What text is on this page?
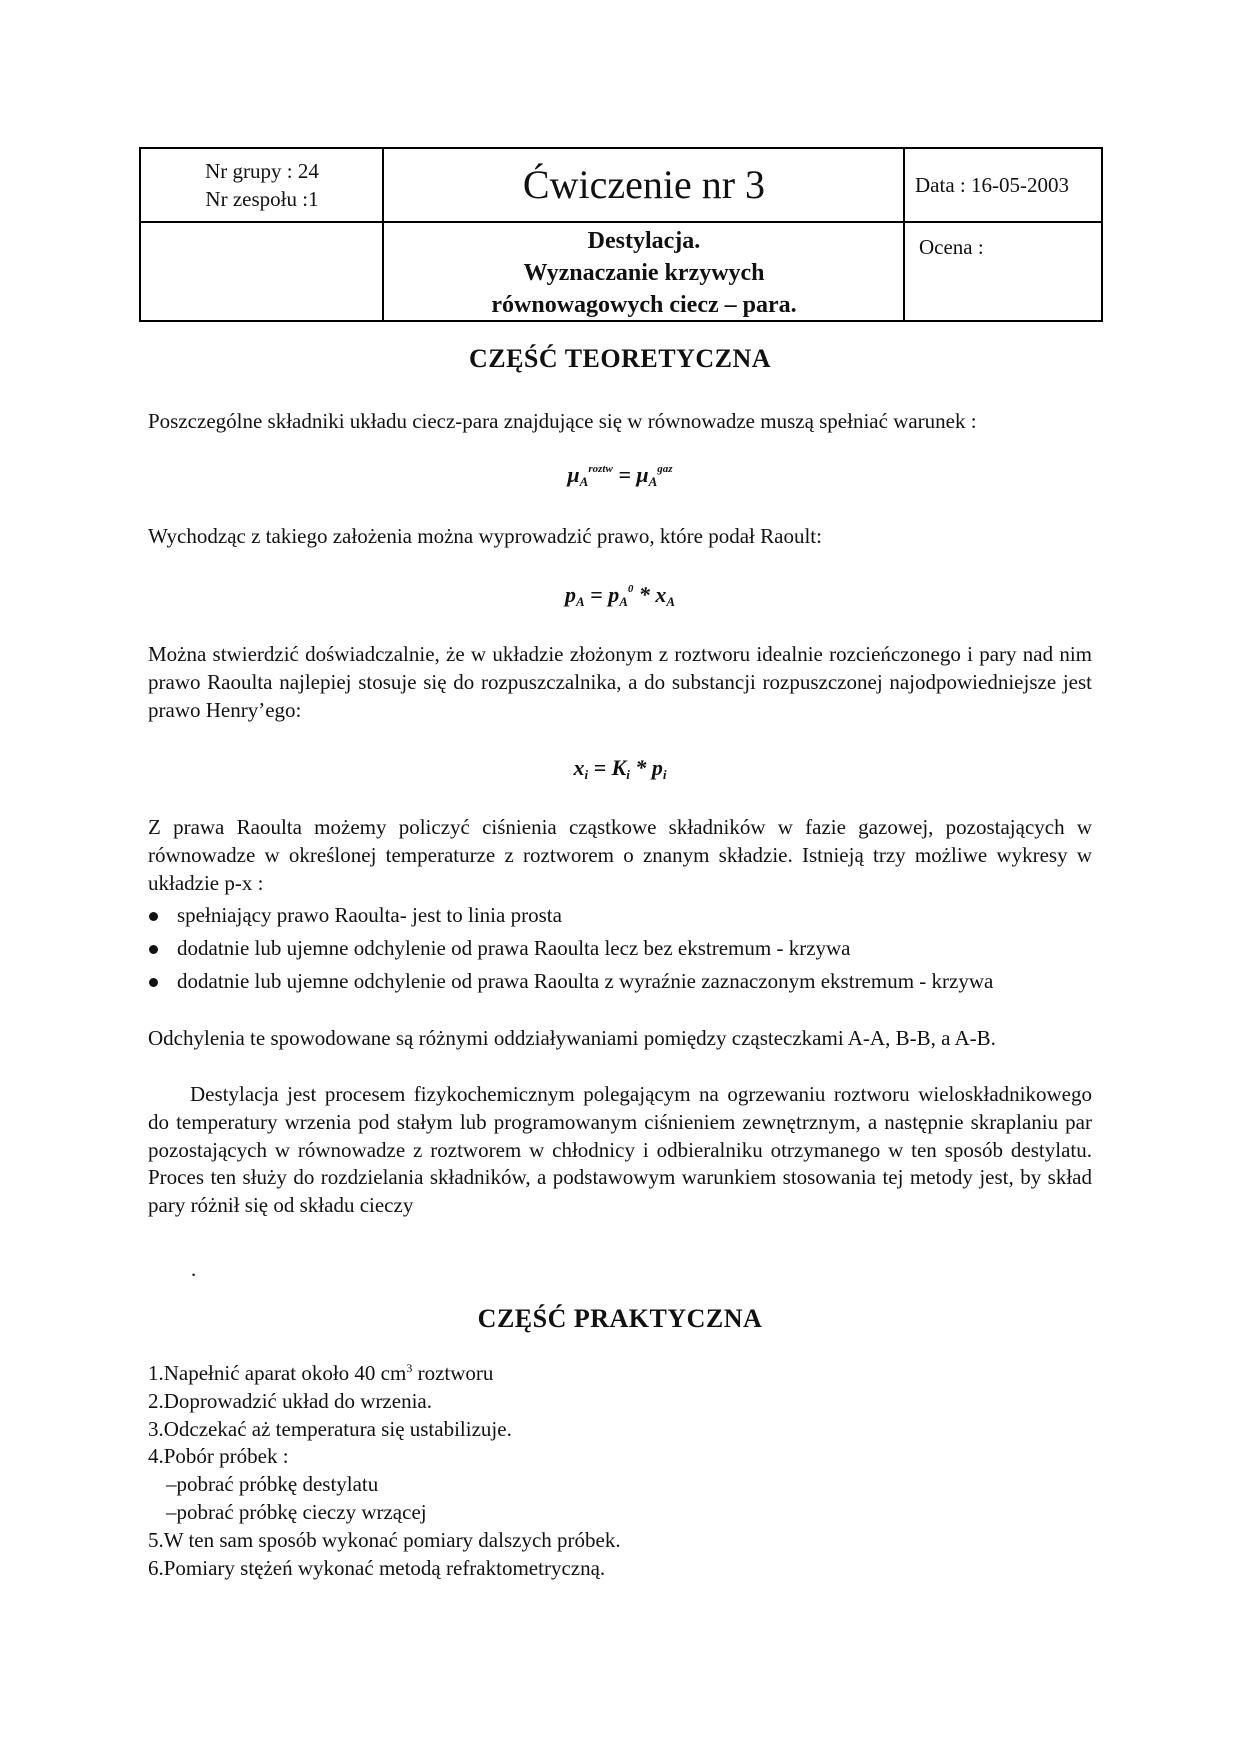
Nr grupy : 24
Nr zespołu :1	Ćwiczenie nr 3	Data : 16-05-2003
Destylacja.
Wyznaczanie krzywych
równowagowych ciecz – para.
Ocena :
CZĘŚĆ TEORETYCZNA
Poszczególne składniki układu ciecz-para znajdujące się w równowadze muszą spełniać warunek :
$\mu_A^{roztw} = \mu_A^{gaz}$
Wychodząc z takiego założenia można wyprowadzić prawo, które podał Raoult:
$p_A = p_A^0 * x_A$
Można stwierdzić doświadczalnie, że w układzie złożonym z roztworu idealnie rozcieńczonego i pary nad nim prawo Raoulta najlepiej stosuje się do rozpuszczalnika, a do substancji rozpuszczonej najodpowiedniejsze jest prawo Henry’ego:
$x_i = K_i * p_i$
Z prawa Raoulta możemy policzyć ciśnienia cząstkowe składników w fazie gazowej, pozostających w równowadze w określonej temperaturze z roztworem o znanym składzie. Istnieją trzy możliwe wykresy w układzie p-x :
spełniający prawo Raoulta- jest to linia prosta
dodatnie lub ujemne odchylenie od prawa Raoulta lecz bez ekstremum - krzywa
dodatnie lub ujemne odchylenie od prawa Raoulta z wyraźnie zaznaczonym ekstremum - krzywa
Odchylenia te spowodowane są różnymi oddziaływaniami pomiędzy cząsteczkami A-A, B-B, a A-B.
Destylacja jest procesem fizykochemicznym polegającym na ogrzewaniu roztworu wieloskładnikowego do temperatury wrzenia pod stałym lub programowanym ciśnieniem zewnętrznym, a następnie skraplaniu par pozostających w równowadze z roztworem w chłodnicy i odbieralniku otrzymanego w ten sposób destylatu. Proces ten służy do rozdzielania składników, a podstawowym warunkiem stosowania tej metody jest, by skład pary różnił się od składu cieczy
.
CZĘŚĆ PRAKTYCZNA
1.Napełnić aparat około 40 $cm^3$ roztworu
2.Doprowadzić układ do wrzenia.
3.Odczekać aż temperatura się ustabilizuje.
4.Pobór próbek :
–pobrać próbkę destylatu
–pobrać próbkę cieczy wrzącej
5.W ten sam sposób wykonać pomiary dalszych próbek.
6.Pomiary stężeń wykonać metodą refraktometryczną.
